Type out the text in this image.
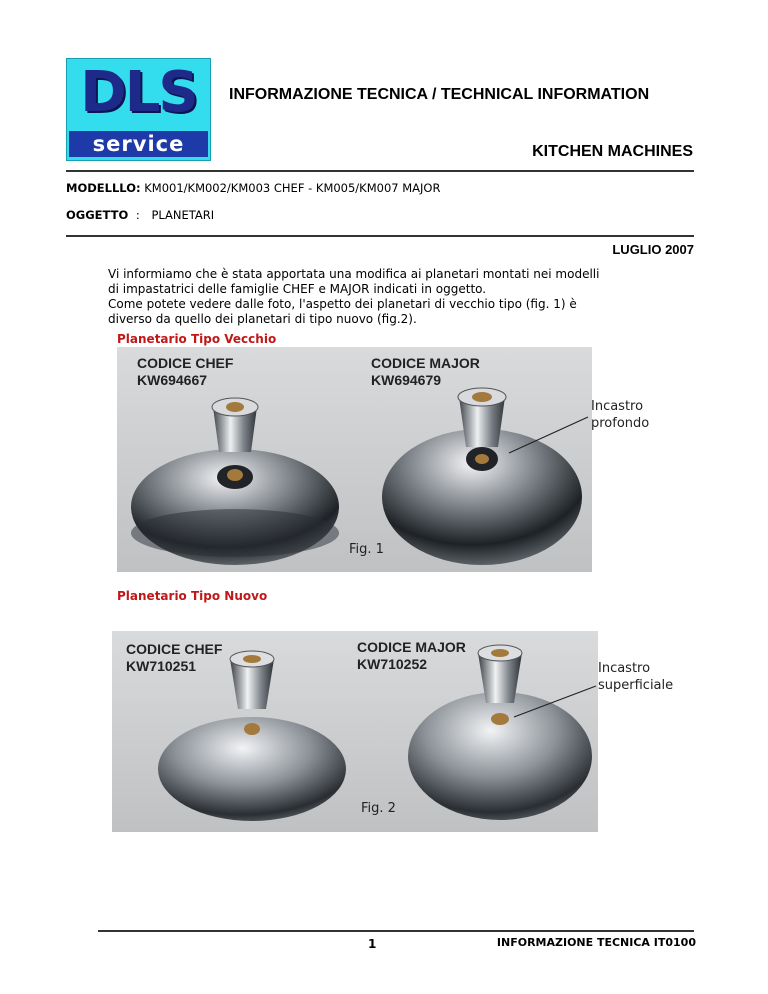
DLS
service
INFORMAZIONE TECNICA / TECHNICAL INFORMATION
KITCHEN MACHINES
MODELLLO: KM001/KM002/KM003 CHEF - KM005/KM007 MAJOR
OGGETTO : PLANETARI
LUGLIO 2007
Vi informiamo che è stata apportata una modifica ai planetari montati nei modelli
di impastatrici delle famiglie CHEF e MAJOR indicati in oggetto.
Come potete vedere dalle foto, l'aspetto dei planetari di vecchio tipo (fig. 1) è
diverso da quello dei planetari di tipo nuovo (fig.2).
Planetario Tipo Vecchio
CODICE CHEF
KW694667
CODICE MAJOR
KW694679
Fig. 1
Incastro
profondo
Planetario Tipo Nuovo
CODICE CHEF
KW710251
CODICE MAJOR
KW710252
Fig. 2
Incastro
superficiale
1	INFORMAZIONE TECNICA IT0100
